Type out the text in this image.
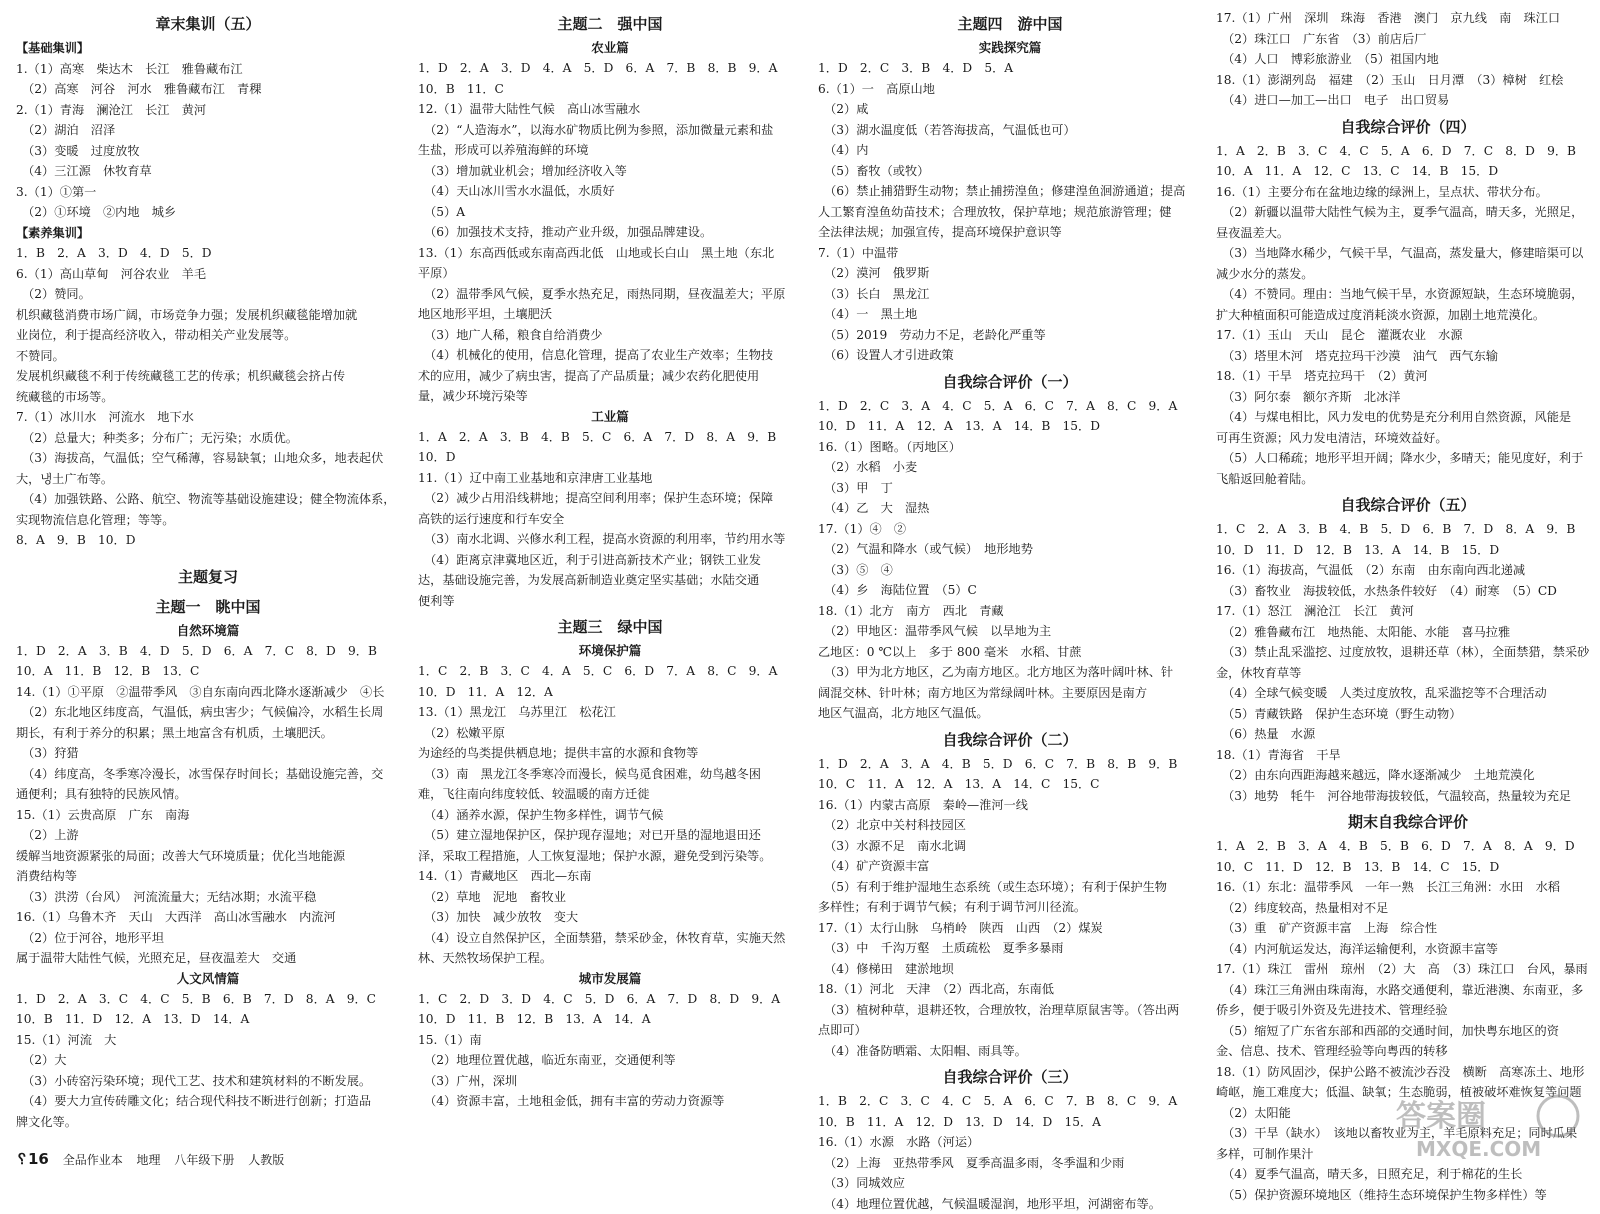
章末集训（五）
【基础集训】
1.（1）高寒　柴达木　长江　雅鲁藏布江
　（2）高寒　河谷　河水　雅鲁藏布江　青稞
2.（1）青海　澜沧江　长江　黄河
　（2）湖泊　沼泽
　（3）变暖　过度放牧
　（4）三江源　休牧育草
3.（1）①第一
　（2）①环境　②内地　城乡
【素养集训】
1．B　2．A　3．D　4．D　5．D
6.（1）高山草甸　河谷农业　羊毛
　（2）赞同。
机织藏毯消费市场广阔，市场竞争力强；发展机织藏毯能增加就
业岗位，利于提高经济收入，带动相关产业发展等。
不赞同。
发展机织藏毯不利于传统藏毯工艺的传承；机织藏毯会挤占传
统藏毯的市场等。
7.（1）冰川水　河流水　地下水
　（2）总量大；种类多；分布广；无污染；水质优。
　（3）海拔高，气温低；空气稀薄，容易缺氧；山地众多，地表起伏
大，냉土广布等。
　（4）加强铁路、公路、航空、物流等基础设施建设；健全物流体系，
实现物流信息化管理；等等。
8．A　9．B　10．D
主题复习
主题一　眺中国
自然环境篇
1．D　2．A　3．B　4．D　5．D　6．A　7．C　8．D　9．B
10．A　11．B　12．B　13．C
14.（1）①平原　②温带季风　③自东南向西北降水逐渐减少　④长
　（2）东北地区纬度高，气温低，病虫害少；气候偏冷，水稻生长周
期长，有利于养分的积累；黑土地富含有机质，土壤肥沃。
　（3）狩猎
　（4）纬度高，冬季寒冷漫长，冰雪保存时间长；基础设施完善，交
通便利；具有独特的民族风情。
15.（1）云贵高原　广东　南海
　（2）上游
缓解当地资源紧张的局面；改善大气环境质量；优化当地能源
消费结构等
　（3）洪涝（台风）　河流流量大；无结冰期；水流平稳
16.（1）乌鲁木齐　天山　大西洋　高山冰雪融水　内流河
　（2）位于河谷，地形平坦
属于温带大陆性气候，光照充足，昼夜温差大　交通
人文风情篇
1．D　2．A　3．C　4．C　5．B　6．B　7．D　8．A　9．C
10．B　11．D　12．A　13．D　14．A
15.（1）河流　大
　（2）大
　（3）小砖窑污染环境；现代工艺、技术和建筑材料的不断发展。
　（4）要大力宣传砖雕文化；结合现代科技不断进行创新；打造品
牌文化等。
主题二　强中国
农业篇
1．D　2．A　3．D　4．A　5．D　6．A　7．B　8．B　9．A
10．B　11．C
12.（1）温带大陆性气候　高山冰雪融水
　（2）“人造海水”，以海水矿物质比例为参照，添加微量元素和盐
生盐，形成可以养殖海鲜的环境
　（3）增加就业机会；增加经济收入等
　（4）天山冰川雪水水温低，水质好
　（5）A
　（6）加强技术支持，推动产业升级，加强品牌建设。
13.（1）东高西低或东南高西北低　山地或长白山　黑土地（东北
平原）
　（2）温带季风气候，夏季水热充足，雨热同期，昼夜温差大；平原
地区地形平坦，土壤肥沃
　（3）地广人稀，粮食自给消费少
　（4）机械化的使用，信息化管理，提高了农业生产效率；生物技
术的应用，减少了病虫害，提高了产品质量；减少农药化肥使用
量，减少环境污染等
工业篇
1．A　2．A　3．B　4．B　5．C　6．A　7．D　8．A　9．B
10．D
11.（1）辽中南工业基地和京津唐工业基地
　（2）减少占用沿线耕地；提高空间利用率；保护生态环境；保障
高铁的运行速度和行车安全
　（3）南水北调、兴修水利工程，提高水资源的利用率，节约用水等
　（4）距离京津冀地区近，利于引进高新技术产业；钢铁工业发
达，基础设施完善，为发展高新制造业奠定坚实基础；水陆交通
便利等
主题三　绿中国
环境保护篇
1．C　2．B　3．C　4．A　5．C　6．D　7．A　8．C　9．A
10．D　11．A　12．A
13.（1）黑龙江　乌苏里江　松花江
　（2）松嫩平原
为途经的鸟类提供栖息地；提供丰富的水源和食物等
　（3）南　黑龙江冬季寒冷而漫长，候鸟觅食困难，幼鸟越冬困
难，飞往南向纬度较低、较温暖的南方迁徙
　（4）涵养水源，保护生物多样性，调节气候
　（5）建立湿地保护区，保护现存湿地；对已开垦的湿地退田还
泽，采取工程措施，人工恢复湿地；保护水源，避免受到污染等。
14.（1）青藏地区　西北—东南
　（2）草地　泥地　畜牧业
　（3）加快　减少放牧　变大
　（4）设立自然保护区，全面禁猎，禁采砂金，休牧育草，实施天然
林、天然牧场保护工程。
城市发展篇
1．C　2．D　3．D　4．C　5．D　6．A　7．D　8．D　9．A
10．D　11．B　12．B　13．A　14．A
15.（1）南
　（2）地理位置优越，临近东南亚，交通便利等
　（3）广州，深圳
　（4）资源丰富，土地租金低，拥有丰富的劳动力资源等
主题四　游中国
实践探究篇
1．D　2．C　3．B　4．D　5．A
6.（1）一　高原山地
　（2）咸
　（3）湖水温度低（若答海拔高，气温低也可）
　（4）内
　（5）畜牧（或牧）
　（6）禁止捕猎野生动物；禁止捕捞湟鱼；修建湟鱼洄游通道；提高
人工繁育湟鱼幼苗技术；合理放牧，保护草地；规范旅游管理；健
全法律法规；加强宣传，提高环境保护意识等
7.（1）中温带
　（2）漠河　俄罗斯
　（3）长白　黑龙江
　（4）一　黑土地
　（5）2019　劳动力不足，老龄化严重等
　（6）设置人才引进政策
自我综合评价（一）
1．D　2．C　3．A　4．C　5．A　6．C　7．A　8．C　9．A
10．D　11．A　12．A　13．A　14．B　15．D
16.（1）图略。（丙地区）
　（2）水稻　小麦
　（3）甲　丁
　（4）乙　大　湿热
17.（1）④　②
　（2）气温和降水（或气候）　地形地势
　（3）⑤　④
　（4）乡　海陆位置　（5）C
18.（1）北方　南方　西北　青藏
　（2）甲地区：温带季风气候　以旱地为主
乙地区：0 ℃以上　多于 800 毫米　水稻、甘蔗
　（3）甲为北方地区，乙为南方地区。北方地区为落叶阔叶林、针
阔混交林、针叶林；南方地区为常绿阔叶林。主要原因是南方
地区气温高，北方地区气温低。
自我综合评价（二）
1．D　2．A　3．A　4．B　5．D　6．C　7．B　8．B　9．B
10．C　11．A　12．A　13．A　14．C　15．C
16.（1）内蒙古高原　秦岭—淮河一线
　（2）北京中关村科技园区
　（3）水源不足　南水北调
　（4）矿产资源丰富
　（5）有利于维护湿地生态系统（或生态环境）；有利于保护生物
多样性；有利于调节气候；有利于调节河川径流。
17.（1）太行山脉　乌梢岭　陕西　山西　（2）煤炭
　（3）中　千沟万壑　土质疏松　夏季多暴雨
　（4）修梯田　建淤地坝
18.（1）河北　天津　（2）西北高，东南低
　（3）植树种草，退耕还牧，合理放牧，治理草原鼠害等。（答出两
点即可）
　（4）准备防晒霜、太阳帽、雨具等。
自我综合评价（三）
1．B　2．C　3．C　4．C　5．A　6．C　7．B　8．C　9．A
10．B　11．A　12．D　13．D　14．D　15．A
16.（1）水源　水路（河运）
　（2）上海　亚热带季风　夏季高温多雨，冬季温和少雨
　（3）同城效应
　（4）地理位置优越，气候温暖湿润，地形平坦，河湖密布等。
17.（1）广州　深圳　珠海　香港　澳门　京九线　南　珠江口
　（2）珠江口　广东省　（3）前店后厂
　（4）人口　博彩旅游业　（5）祖国内地
18.（1）澎湖列岛　福建　（2）玉山　日月潭　（3）樟树　红桧
　（4）进口—加工—出口　电子　出口贸易
自我综合评价（四）
1．A　2．B　3．C　4．C　5．A　6．D　7．C　8．D　9．B
10．A　11．A　12．C　13．C　14．B　15．D
16.（1）主要分布在盆地边缘的绿洲上，呈点状、带状分布。
　（2）新疆以温带大陆性气候为主，夏季气温高，晴天多，光照足，
昼夜温差大。
　（3）当地降水稀少，气候干旱，气温高，蒸发量大，修建暗渠可以
减少水分的蒸发。
　（4）不赞同。理由：当地气候干旱，水资源短缺，生态环境脆弱，
扩大种植面积可能造成过度消耗淡水资源，加剧土地荒漠化。
17.（1）玉山　天山　昆仑　灌溉农业　水源
　（3）塔里木河　塔克拉玛干沙漠　油气　西气东输
18.（1）干旱　塔克拉玛干　（2）黄河
　（3）阿尔泰　额尔齐斯　北冰洋
　（4）与煤电相比，风力发电的优势是充分利用自然资源，风能是
可再生资源；风力发电清洁，环境效益好。
　（5）人口稀疏；地形平坦开阔；降水少，多晴天；能见度好，利于
飞船返回舱着陆。
自我综合评价（五）
1．C　2．A　3．B　4．B　5．D　6．B　7．D　8．A　9．B
10．D　11．D　12．B　13．A　14．B　15．D
16.（1）海拔高，气温低　（2）东南　由东南向西北递减
　（3）畜牧业　海拔较低，水热条件较好　（4）耐寒　（5）CD
17.（1）怒江　澜沧江　长江　黄河
　（2）雅鲁藏布江　地热能、太阳能、水能　喜马拉雅
　（3）禁止乱采滥挖、过度放牧，退耕还草（林），全面禁猎，禁采砂
金，休牧育草等
　（4）全球气候变暖　人类过度放牧，乱采滥挖等不合理活动
　（5）青藏铁路　保护生态环境（野生动物）
　（6）热量　水源
18.（1）青海省　干旱
　（2）由东向西距海越来越远，降水逐渐减少　土地荒漠化
　（3）地势　牦牛　河谷地带海拔较低，气温较高，热量较为充足
期末自我综合评价
1．A　2．B　3．A　4．B　5．B　6．D　7．A　8．A　9．D
10．C　11．D　12．B　13．B　14．C　15．D
16.（1）东北：温带季风　一年一熟　长江三角洲：水田　水稻
　（2）纬度较高，热量相对不足
　（3）重　矿产资源丰富　上海　综合性
　（4）内河航运发达，海洋运输便利，水资源丰富等
17.（1）珠江　雷州　琼州　（2）大　高　（3）珠江口　台风，暴雨
　（4）珠江三角洲由珠南海，水路交通便利，靠近港澳、东南亚，多
侨乡，便于吸引外资及先进技术、管理经验
　（5）缩短了广东省东部和西部的交通时间，加快粤东地区的资
金、信息、技术、管理经验等向粤西的转移
18.（1）防风固沙，保护公路不被流沙吞没　横断　高寒冻土、地形
崎岖，施工难度大；低温、缺氧；生态脆弱，植被破坏难恢复等问题
　（2）太阳能
　（3）干旱（缺水）　该地以畜牧业为主，羊毛原料充足；同时瓜果
多样，可制作果汁
　（4）夏季气温高，晴天多，日照充足，利于棉花的生长
　（5）保护资源环境地区（维持生态环境保护生物多样性）等
␦16 全品作业本 地理 八年级下册 人教版
答案圈
MXQE.COM
